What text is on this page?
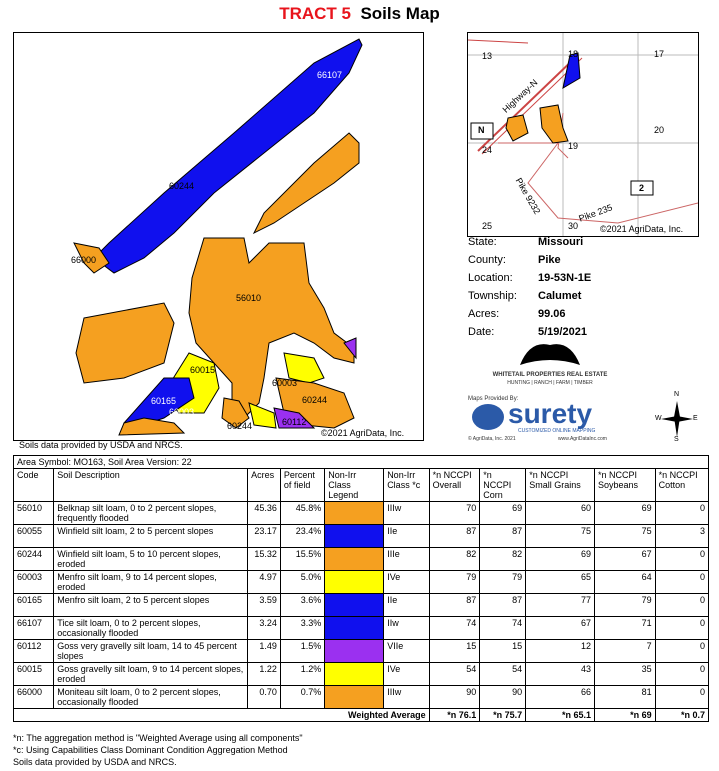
TRACT 5 Soils Map
66107
60055
60244
66000
56010
60015
60003
60165
60003
60244
60244	60112
©2021 AgriData, Inc.
13	18	17
20
24	19
25	30
2
N
Highway-N
Pike 9232	Pike 235
©2021 AgriData, Inc.
State:	Missouri
County:	Pike
Location: 19-53N-1E
Township: Calumet
Acres:	99.06
Date:	5/19/2021
WHITETAIL PROPERTIES REAL ESTATE
HUNTING | RANCH | FARM | TIMBER
Maps Provided By:
surety
CUSTOMIZED ONLINE MAPPING
© AgriData, Inc. 2021	www.AgriDataInc.com
N
S
E
W
Soils data provided by USDA and NRCS.
Area Symbol: MO163, Soil Area Version: 22										
Code	Soil Description	Acres	Percent of field	Non-Irr Class Legend	Non-Irr Class *c	*n NCCPI Overall	*n NCCPI Corn	*n NCCPI Small Grains	*n NCCPI Soybeans	*n NCCPI Cotton
56010	Belknap silt loam, 0 to 2 percent slopes, frequently flooded	45.36	45.8%		IIIw	70	69	60	69	0
60055	Winfield silt loam, 2 to 5 percent slopes	23.17	23.4%		IIe	87	87	75	75	3
60244	Winfield silt loam, 5 to 10 percent slopes, eroded	15.32	15.5%		IIIe	82	82	69	67	0
60003	Menfro silt loam, 9 to 14 percent slopes, eroded	4.97	5.0%		IVe	79	79	65	64	0
60165	Menfro silt loam, 2 to 5 percent slopes	3.59	3.6%		IIe	87	87	77	79	0
66107	Tice silt loam, 0 to 2 percent slopes, occasionally flooded	3.24	3.3%		IIw	74	74	67	71	0
60112	Goss very gravelly silt loam, 14 to 45 percent slopes	1.49	1.5%		VIIe	15	15	12	7	0
60015	Goss gravelly silt loam, 9 to 14 percent slopes, eroded	1.22	1.2%		IVe	54	54	43	35	0
66000	Moniteau silt loam, 0 to 2 percent slopes, occasionally flooded	0.70	0.7%		IIIw	90	90	66	81	0
Weighted Average						*n 76.1	*n 75.7	*n 65.1	*n 69	*n 0.7
*n: The aggregation method is "Weighted Average using all components"
*c: Using Capabilities Class Dominant Condition Aggregation Method
Soils data provided by USDA and NRCS.
